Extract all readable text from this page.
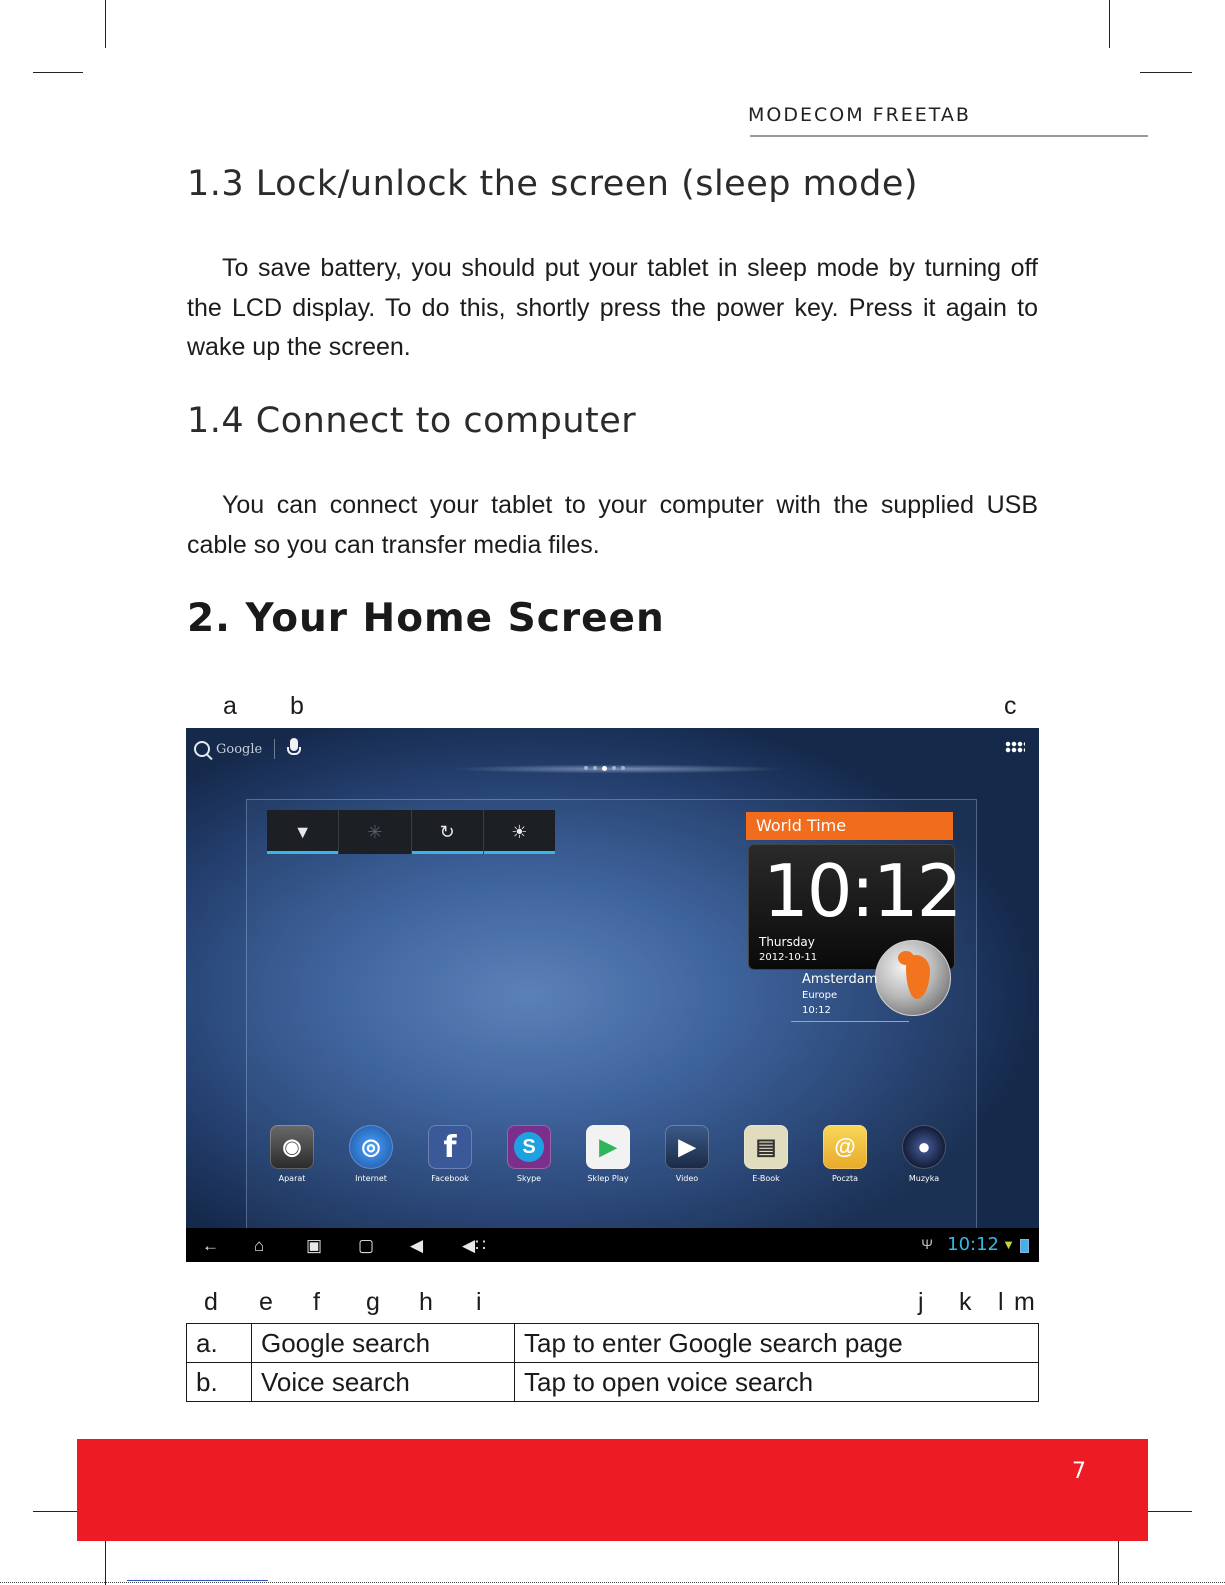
MODECOM FREETAB
1.3 Lock/unlock the screen (sleep mode)

To save battery, you should put your tablet in sleep mode by turning off the LCD display. To do this, shortly press the power key. Press it again to wake up the screen.

1.4 Connect to computer

You can connect your tablet to your computer with the supplied USB cable so you can transfer media files.

2. Your Home Screen
a b	c
Google
▼	✳	↻	☀	World Time
10:12
Thursday
2012-10-11
Amsterdam
Europe
10:12
◉
Aparat
◎
Internet
f
Facebook
S
Skype
▶
Sklep Play
▶
Video
▤
E-Book
@
Poczta
●
Muzyka
← ⌂ ▣ ▢ ◀ ◀∷	Ψ 10:12 ▼
d e f g h i	j k l m
a.	Google search	Tap to enter Google search page
b.	Voice search	Tap to open voice search
7
